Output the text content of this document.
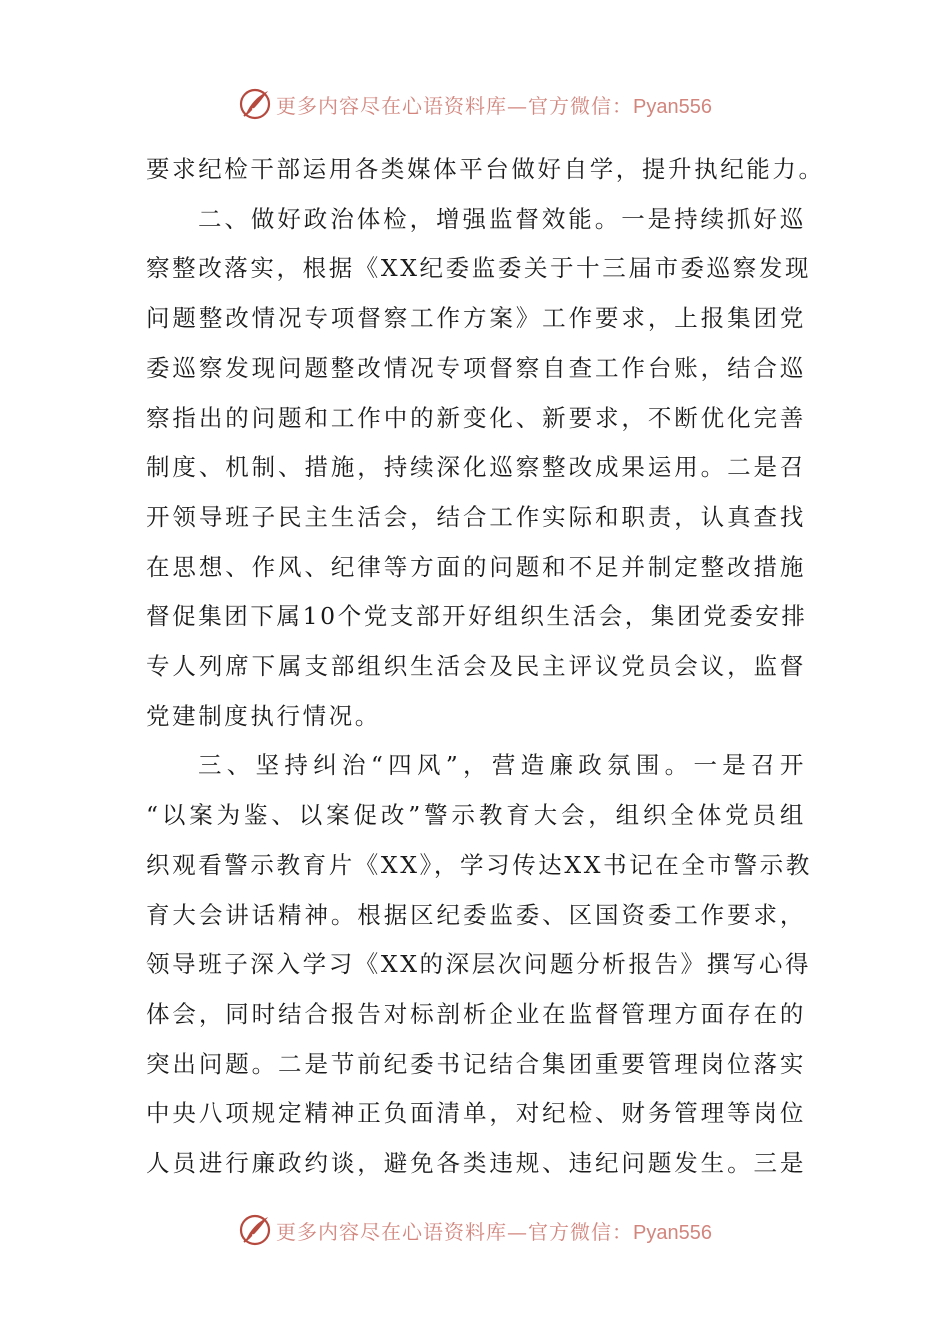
更多内容尽在心语资料库—官方微信：Pyan556

要求纪检干部运用各类媒体平台做好自学，提升执纪能力。

二、做好政治体检，增强监督效能。一是持续抓好巡
察整改落实，根据《XX纪委监委关于十三届市委巡察发现
问题整改情况专项督察工作方案》工作要求，上报集团党
委巡察发现问题整改情况专项督察自查工作台账，结合巡
察指出的问题和工作中的新变化、新要求，不断优化完善
制度、机制、措施，持续深化巡察整改成果运用。二是召
开领导班子民主生活会，结合工作实际和职责，认真查找
在思想、作风、纪律等方面的问题和不足并制定整改措施
督促集团下属10个党支部开好组织生活会，集团党委安排
专人列席下属支部组织生活会及民主评议党员会议，监督
党建制度执行情况。

三、坚持纠治“四风”，营造廉政氛围。一是召开
“以案为鉴、以案促改”警示教育大会，组织全体党员组
织观看警示教育片《XX》，学习传达XX书记在全市警示教
育大会讲话精神。根据区纪委监委、区国资委工作要求，
领导班子深入学习《XX的深层次问题分析报告》撰写心得
体会，同时结合报告对标剖析企业在监督管理方面存在的
突出问题。二是节前纪委书记结合集团重要管理岗位落实
中央八项规定精神正负面清单，对纪检、财务管理等岗位
人员进行廉政约谈，避免各类违规、违纪问题发生。三是

更多内容尽在心语资料库—官方微信：Pyan556
